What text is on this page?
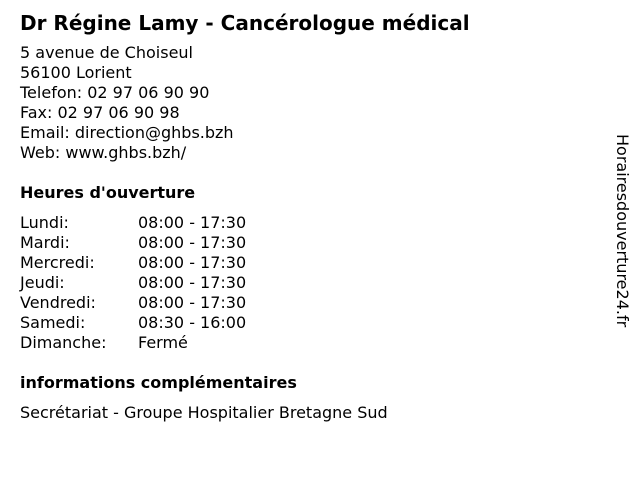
Dr Régine Lamy - Cancérologue médical
5 avenue de Choiseul
56100 Lorient
Telefon: 02 97 06 90 90
Fax: 02 97 06 90 98
Email: direction@ghbs.bzh
Web: www.ghbs.bzh/
Heures d'ouverture
Lundi:	08:00 - 17:30
Mardi:	08:00 - 17:30
Mercredi:	08:00 - 17:30
Jeudi:	08:00 - 17:30
Vendredi:	08:00 - 17:30
Samedi:	08:30 - 16:00
Dimanche:	Fermé
informations complémentaires
Secrétariat - Groupe Hospitalier Bretagne Sud
Horairesdouverture24.fr
